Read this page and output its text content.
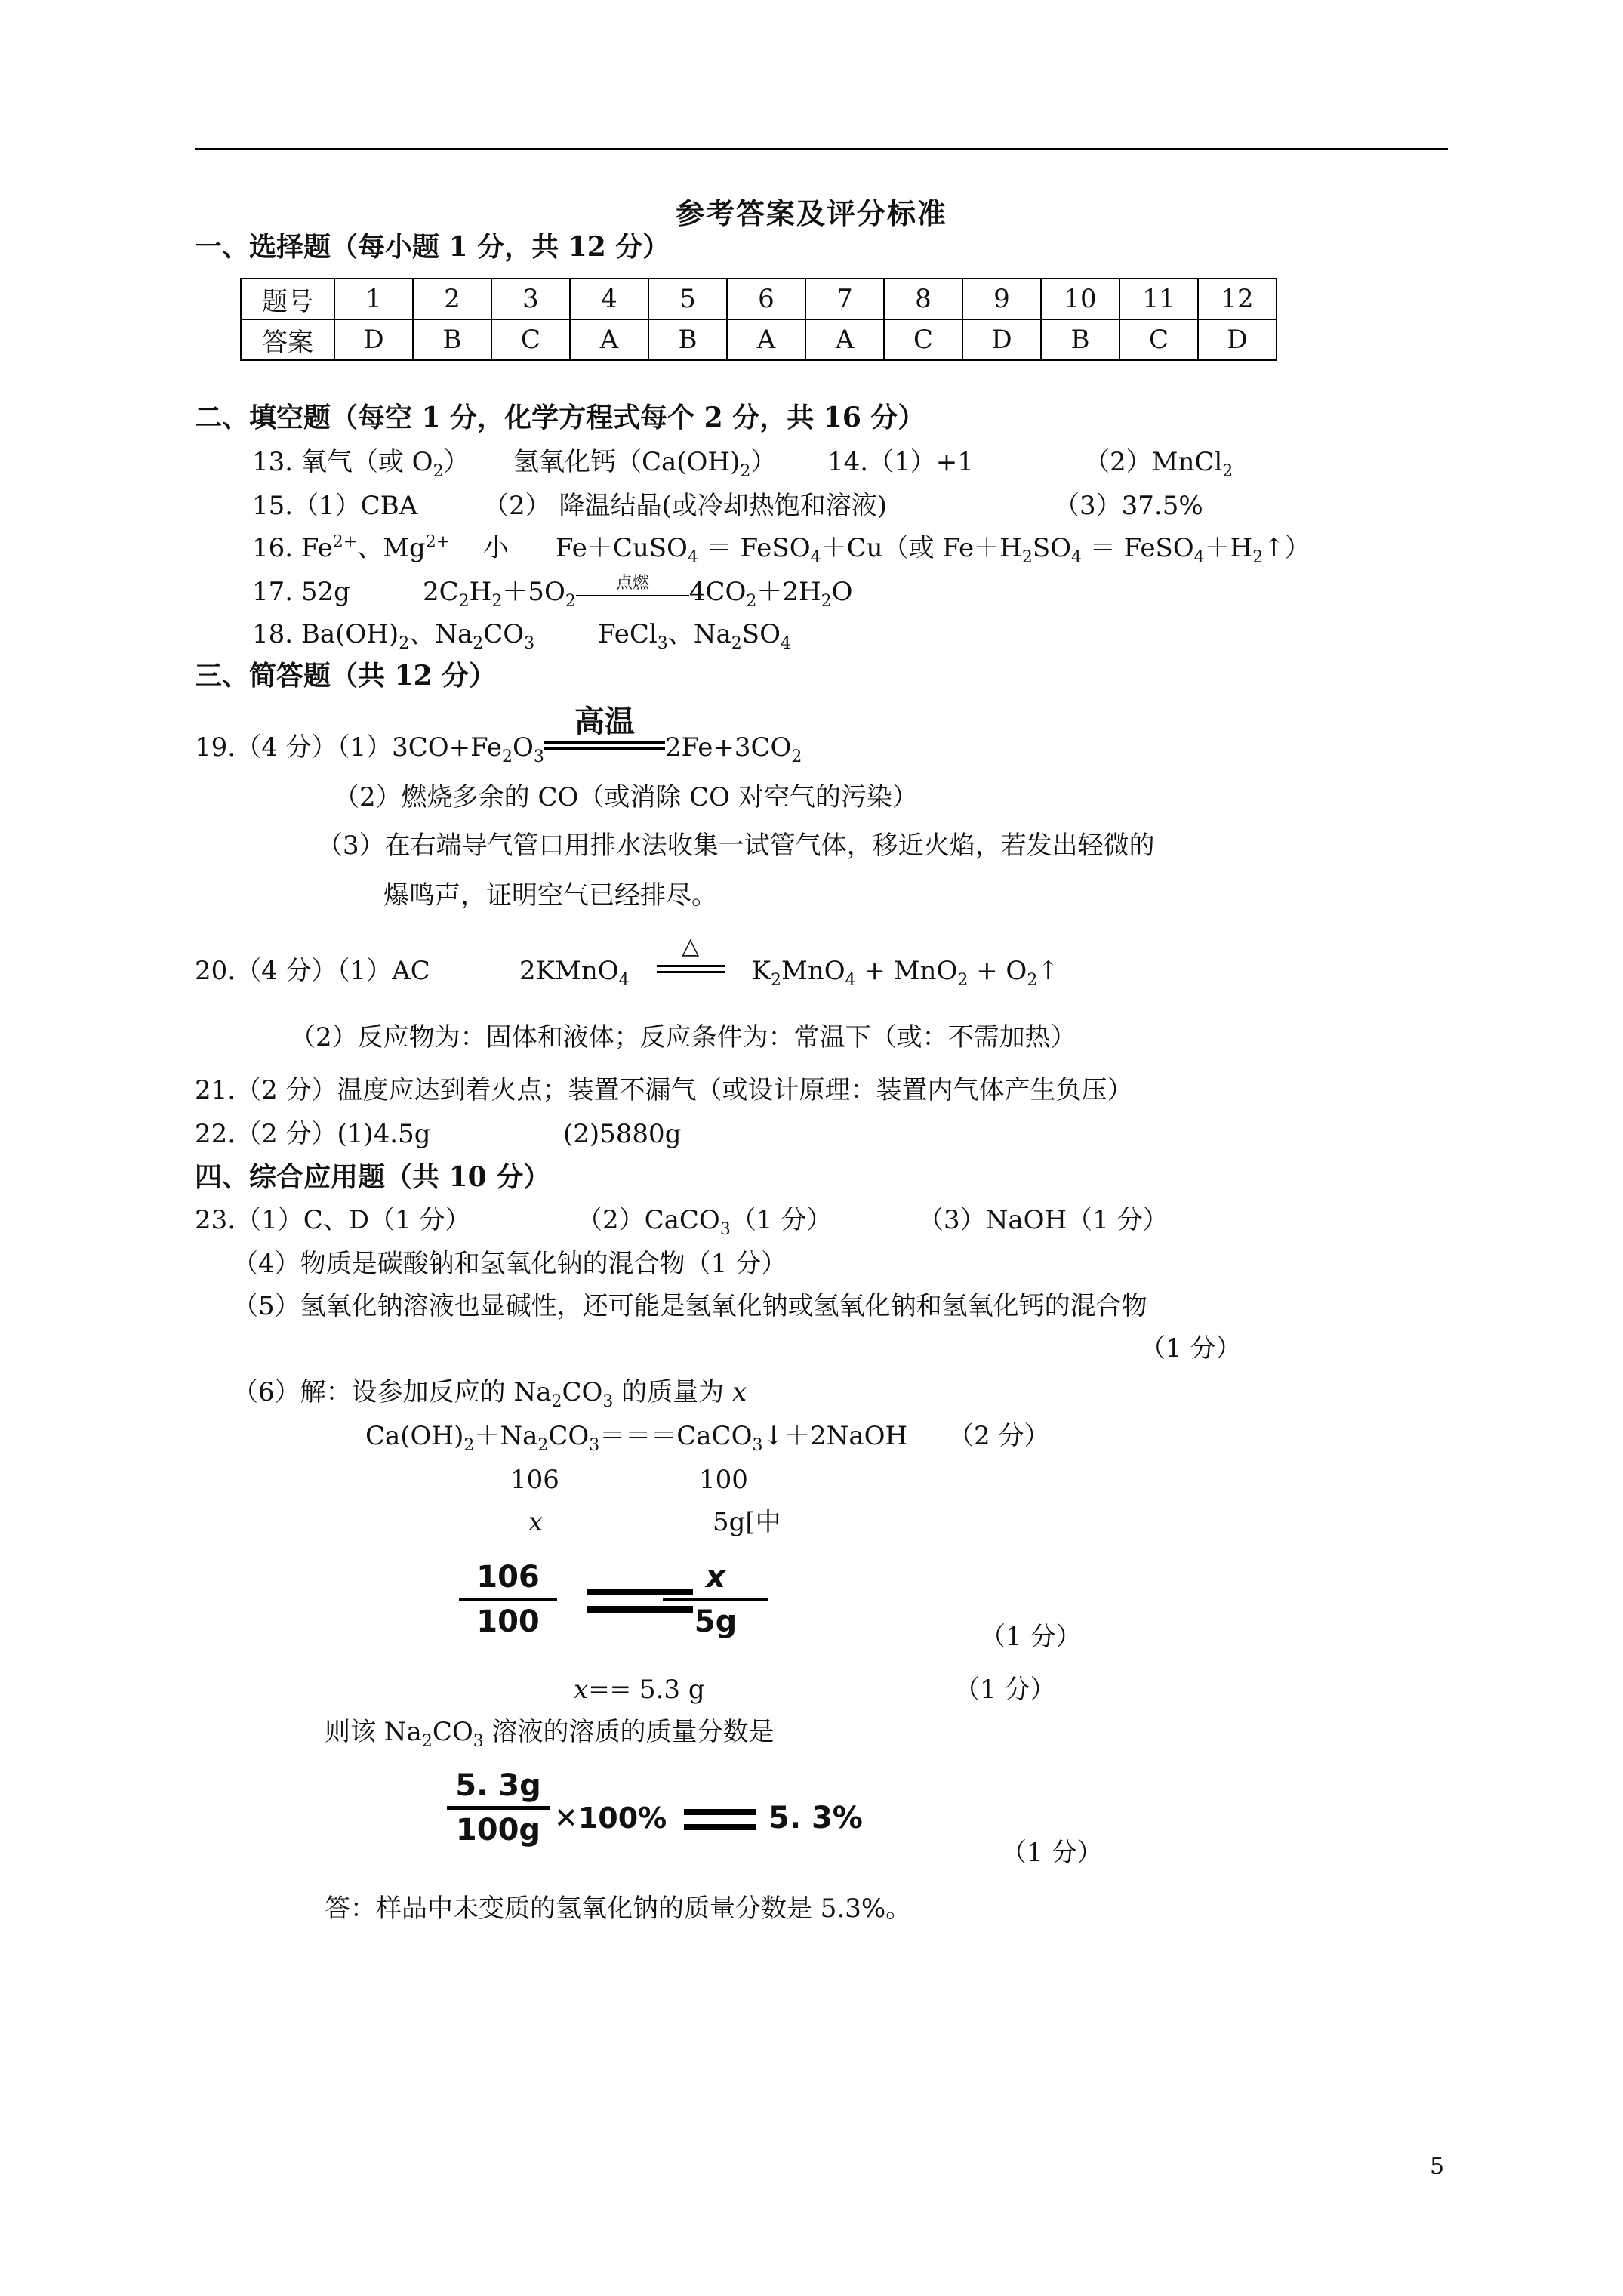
参考答案及评分标准
一、选择题（每小题 1 分，共 12 分）
题号	1	2	3	4	5	6	7	8	9	10	11	12
答案	D	B	C	A	B	A	A	C	D	B	C	D
二、填空题（每空 1 分，化学方程式每个 2 分，共 16 分）
13. 氧气（或 $O_2$） 氢氧化钙$(Ca(OH)_2)$ 14.（1）+1	（2）MnCl$_2$
15.（1）CBA	（2） 降温结晶(或冷却热饱和溶液)	（3）37.5%
16. $Fe^{2+}$、$Mg^{2+}$ 小 Fe＋CuSO$_4$ ＝ FeSO$_4$＋Cu（或 $Fe+H_2SO_4$ ＝ $FeSO_4+H_2↑$）
17. 52g	$2C_2H_2+5O_2$
点燃	$4CO_2+2H_2O$
18. $Ba(OH)_2$、$Na_2CO_3$ FeCl$_3$、$Na_2SO_4$
三、简答题（共 12 分）
19.（4 分）$(1)3CO+Fe_2O_3$
高温
$2Fe+3CO_2$
（2）燃烧多余的 CO（或消除 CO 对空气的污染）
（3）在右端导气管口用排水法收集一试管气体，移近火焰，若发出轻微的
爆鸣声，证明空气已经排尽。
20.（4 分）（1）AC	2KMnO$_4$
△
$K_2MnO_4 + MnO_2$ + $O_2↑$
（2）反应物为：固体和液体；反应条件为：常温下（或：不需加热）
21.（2 分）温度应达到着火点；装置不漏气（或设计原理：装置内气体产生负压）
22.（2 分）(1)4.5g	(2)5880g
四、综合应用题（共 10 分）
23.（1）C、D（1 分）	（2）CaCO$_3$（1 分）	（3）NaOH（1 分）
（4）物质是碳酸钠和氢氧化钠的混合物（1 分）
（5）氢氧化钠溶液也显碱性，还可能是氢氧化钠或氢氧化钠和氢氧化钙的混合物
（1 分）
（6）解：设参加反应的 $Na_2CO_3$ 的质量为 x
$Ca(OH)_2+Na_2CO_3===CaCO_3↓+2NaOH$ （2 分）
106	100
x	5g[中
$\frac{106}{100}$	$\frac{x}{5g}$	（1 分）
x== 5.3 g	（1 分）
则该 $Na_2CO_3$ 溶液的溶质的质量分数是
$\frac{5. 3g}{100g}$ ✕100%	5. 3%
（1 分）
答：样品中未变质的氢氧化钠的质量分数是 5.3%。
5
